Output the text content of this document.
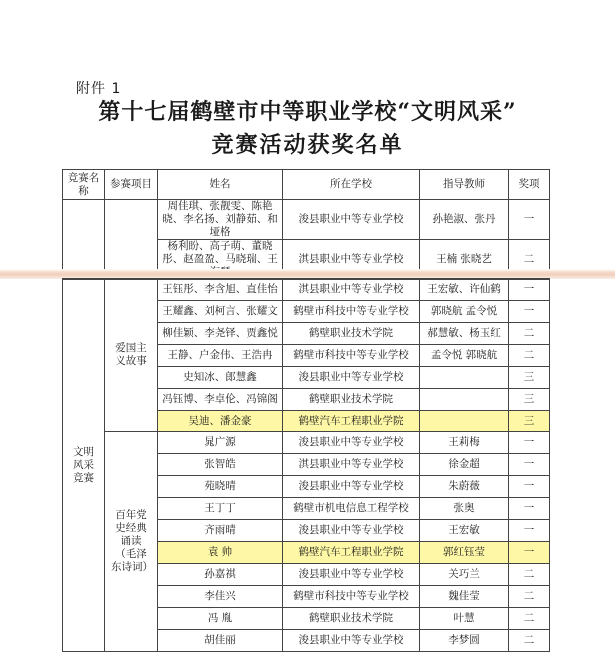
附件 1
第十七届鹤壁市中等职业学校“文明风采”
竞赛活动获奖名单
竞赛名称	参赛项目	姓名	所在学校	指导教师	奖项
		周佳琪、张靓雯、陈艳晓、李名扬、刘静茹、和垭格	浚县职业中等专业学校	孙艳淑、张丹	一
		杨利盼、高子萌、董晓彤、赵盈盈、马晓瑞、王	淇县职业中等专业学校	王楠 张晓艺	二
文明风采竞赛	爱国主义故事	王钰彤、李含旭、直佳怡	淇县职业中等专业学校	王宏敏、许仙鹤	一
		王耀鑫、刘柯言、张耀文	鹤壁市科技中等专业学校	郭晓航 孟令悦	一
		柳佳颖、李尧铎、贾鑫悦	鹤壁职业技术学院	郝慧敏、杨玉红	二
		王静、户金伟、王浩冉	鹤壁市科技中等专业学校	孟令悦 郭晓航	二
		史知冰、郎慧鑫	浚县职业中等专业学校		三
		冯钰博、李卓伦、冯锦阁	鹤壁职业技术学院		三
		吴迪、潘金豪	鹤壁汽车工程职业学院		三

	百年党史经典诵读（毛泽东诗词）	晁广源	浚县职业中等专业学校	王莉梅	一
		张智皓	淇县职业中等专业学校	徐金超	一
		苑晓晴	浚县职业中等专业学校	朱蔚薇	一
		王丁丁	鹤壁市机电信息工程学校	张奥	一
		齐雨晴	浚县职业中等专业学校	王宏敏	一
		袁 帅	鹤壁汽车工程职业学院	郭红钰莹	一
		孙嘉祺	浚县职业中等专业学校	关巧兰	二
		李佳兴	鹤壁市科技中等专业学校	魏佳莹	二
		冯 胤	鹤壁职业技术学院	叶慧	二
		胡佳丽	浚县职业中等专业学校	李梦圆	二
